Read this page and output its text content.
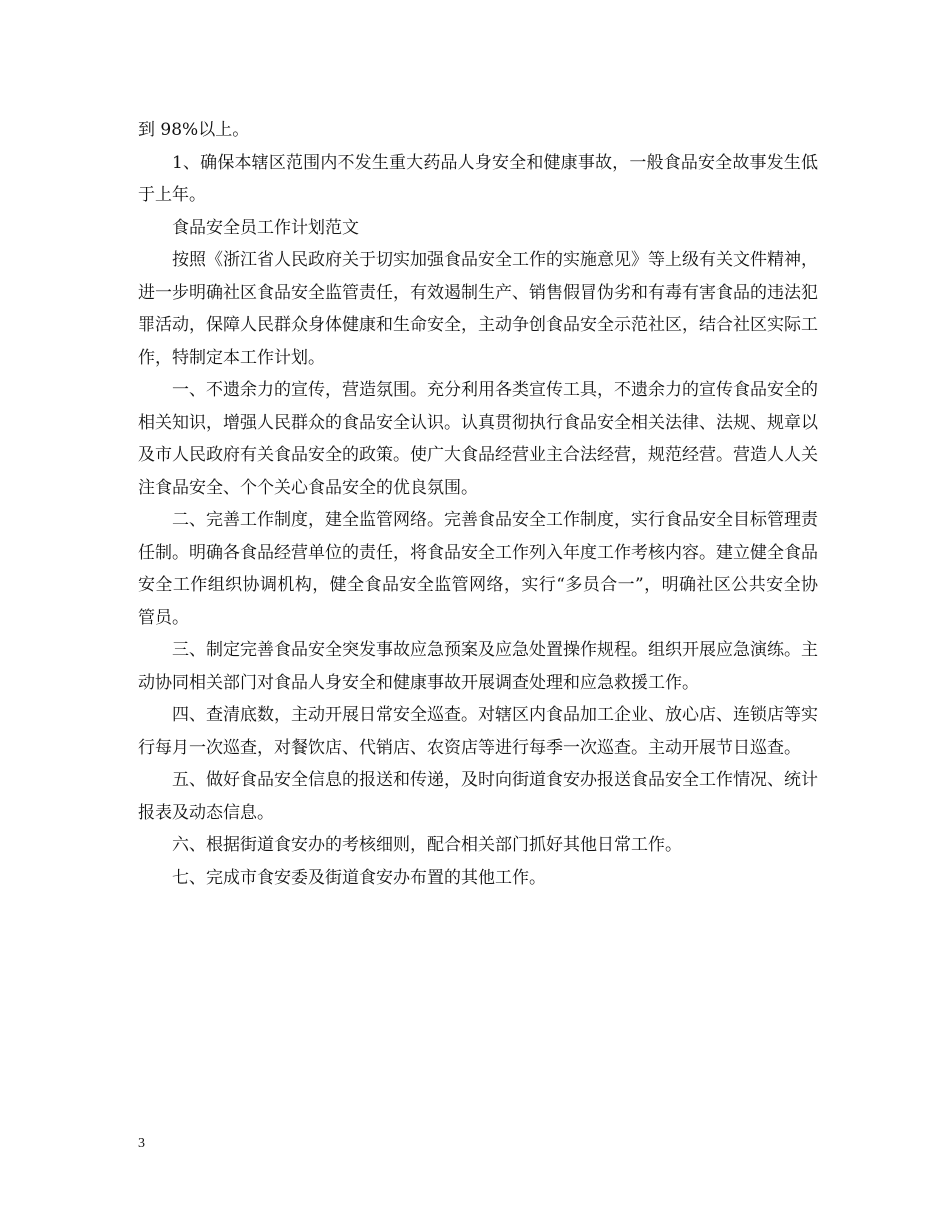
到 98%以上。

1、确保本辖区范围内不发生重大药品人身安全和健康事故，一般食品安全故事发生低于上年。

食品安全员工作计划范文

按照《浙江省人民政府关于切实加强食品安全工作的实施意见》等上级有关文件精神，进一步明确社区食品安全监管责任，有效遏制生产、销售假冒伪劣和有毒有害食品的违法犯罪活动，保障人民群众身体健康和生命安全，主动争创食品安全示范社区，结合社区实际工作，特制定本工作计划。

一、不遗余力的宣传，营造氛围。充分利用各类宣传工具，不遗余力的宣传食品安全的相关知识，增强人民群众的食品安全认识。认真贯彻执行食品安全相关法律、法规、规章以及市人民政府有关食品安全的政策。使广大食品经营业主合法经营，规范经营。营造人人关注食品安全、个个关心食品安全的优良氛围。

二、完善工作制度，建全监管网络。完善食品安全工作制度，实行食品安全目标管理责任制。明确各食品经营单位的责任，将食品安全工作列入年度工作考核内容。建立健全食品安全工作组织协调机构，健全食品安全监管网络，实行“多员合一”，明确社区公共安全协管员。

三、制定完善食品安全突发事故应急预案及应急处置操作规程。组织开展应急演练。主动协同相关部门对食品人身安全和健康事故开展调查处理和应急救援工作。

四、查清底数，主动开展日常安全巡查。对辖区内食品加工企业、放心店、连锁店等实行每月一次巡查，对餐饮店、代销店、农资店等进行每季一次巡查。主动开展节日巡查。

五、做好食品安全信息的报送和传递，及时向街道食安办报送食品安全工作情况、统计报表及动态信息。

六、根据街道食安办的考核细则，配合相关部门抓好其他日常工作。

七、完成市食安委及街道食安办布置的其他工作。

3
